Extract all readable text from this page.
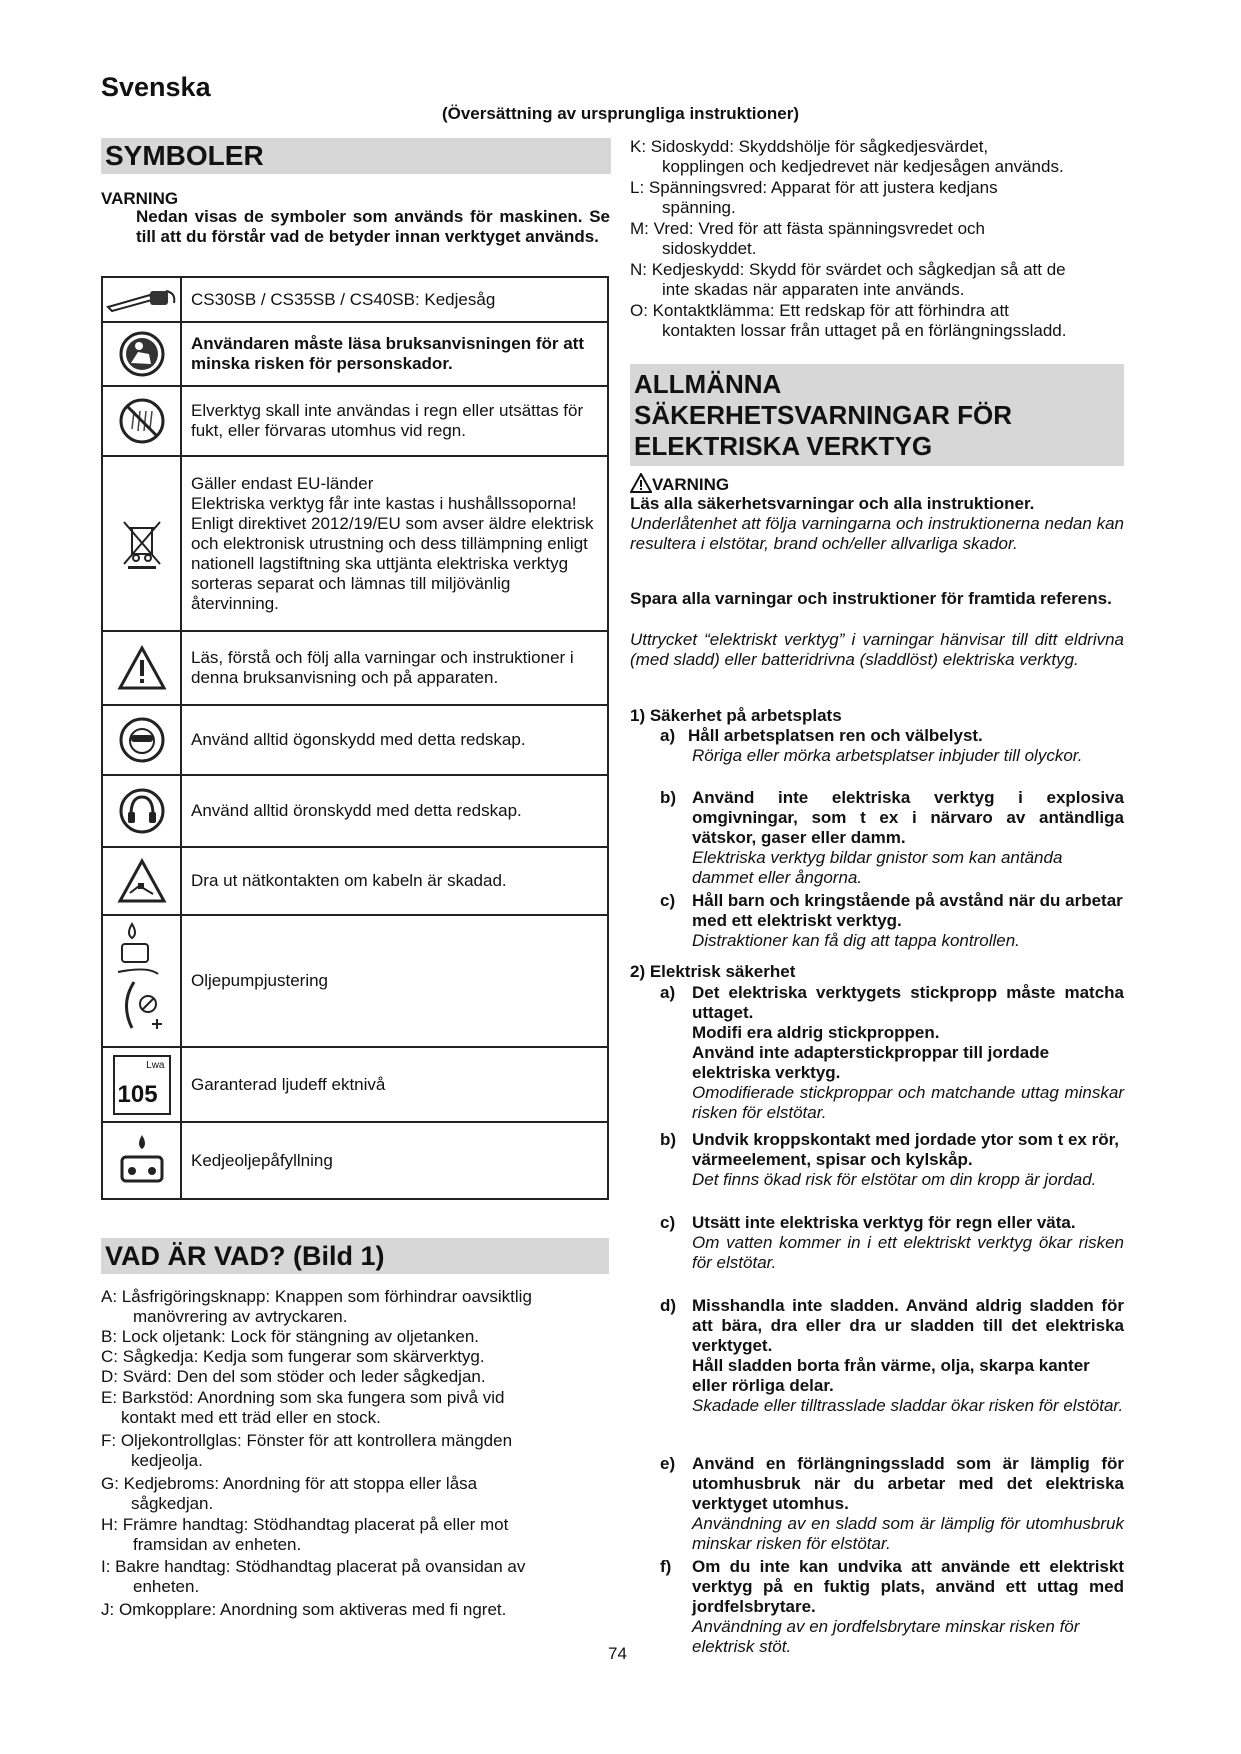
Svenska
(Översättning av ursprungliga instruktioner)
SYMBOLER
VARNING
Nedan visas de symboler som används för maskinen. Se till att du förstår vad de betyder innan verktyget används.
CS30SB / CS35SB / CS40SB: Kedjesåg
Användaren måste läsa bruksanvisningen för att minska risken för personskador.
Elverktyg skall inte användas i regn eller utsättas för fukt, eller förvaras utomhus vid regn.
Gäller endast EU-länder
Elektriska verktyg får inte kastas i hushållssoporna!
Enligt direktivet 2012/19/EU som avser äldre elektrisk och elektronisk utrustning och dess tillämpning enligt nationell lagstiftning ska uttjänta elektriska verktyg sorteras separat och lämnas till miljövänlig återvinning.
Läs, förstå och följ alla varningar och instruktioner i denna bruksanvisning och på apparaten.
Använd alltid ögonskydd med detta redskap.
Använd alltid öronskydd med detta redskap.
Dra ut nätkontakten om kabeln är skadad.
Oljepumpjustering
Lwa
105 Garanterad ljudeff ektnivå
Kedjeoljepåfyllning
VAD ÄR VAD? (Bild 1)
A: Låsfrigöringsknapp: Knappen som förhindrar oavsiktlig
manövrering av avtryckaren.
B: Lock oljetank: Lock för stängning av oljetanken.
C: Sågkedja: Kedja som fungerar som skärverktyg.
D: Svärd: Den del som stöder och leder sågkedjan.
E: Barkstöd: Anordning som ska fungera som pivå vid
kontakt med ett träd eller en stock.
F: Oljekontrollglas: Fönster för att kontrollera mängden
kedjeolja.
G: Kedjebroms: Anordning för att stoppa eller låsa
sågkedjan.
H: Främre handtag: Stödhandtag placerat på eller mot
framsidan av enheten.
I: Bakre handtag: Stödhandtag placerat på ovansidan av
enheten.
J: Omkopplare: Anordning som aktiveras med fi ngret.
K: Sidoskydd: Skyddshölje för sågkedjesvärdet,
kopplingen och kedjedrevet när kedjesågen används.
L: Spänningsvred: Apparat för att justera kedjans
spänning.
M: Vred: Vred för att fästa spänningsvredet och
sidoskyddet.
N: Kedjeskydd: Skydd för svärdet och sågkedjan så att de
inte skadas när apparaten inte används.
O: Kontaktklämma: Ett redskap för att förhindra att
kontakten lossar från uttaget på en förlängningssladd.
ALLMÄNNA
SÄKERHETSVARNINGAR FÖR
ELEKTRISKA VERKTYG
VARNING
Läs alla säkerhetsvarningar och alla instruktioner.
Underlåtenhet att följa varningarna och instruktionerna nedan kan resultera i elstötar, brand och/eller allvarliga skador.
Spara alla varningar och instruktioner för framtida referens.
Uttrycket “elektriskt verktyg” i varningar hänvisar till ditt eldrivna (med sladd) eller batteridrivna (sladdlöst) elektriska verktyg.
1) Säkerhet på arbetsplats
a) Håll arbetsplatsen ren och välbelyst.
Röriga eller mörka arbetsplatser inbjuder till olyckor.
b) Använd inte elektriska verktyg i explosiva omgivningar, som t ex i närvaro av antändliga vätskor, gaser eller damm.
Elektriska verktyg bildar gnistor som kan antända dammet eller ångorna.
c) Håll barn och kringstående på avstånd när du arbetar med ett elektriskt verktyg.
Distraktioner kan få dig att tappa kontrollen.
2) Elektrisk säkerhet
a) Det elektriska verktygets stickpropp måste matcha uttaget.
Modifi era aldrig stickproppen.
Använd inte adapterstickproppar till jordade elektriska verktyg.
Omodifierade stickproppar och matchande uttag minskar risken för elstötar.
b) Undvik kroppskontakt med jordade ytor som t ex rör, värmeelement, spisar och kylskåp.
Det finns ökad risk för elstötar om din kropp är jordad.
c) Utsätt inte elektriska verktyg för regn eller väta.
Om vatten kommer in i ett elektriskt verktyg ökar risken för elstötar.
d) Misshandla inte sladden. Använd aldrig sladden för att bära, dra eller dra ur sladden till det elektriska verktyget.
Håll sladden borta från värme, olja, skarpa kanter eller rörliga delar.
Skadade eller tilltrasslade sladdar ökar risken för elstötar.
e) Använd en förlängningssladd som är lämplig för utomhusbruk när du arbetar med det elektriska verktyget utomhus.
Användning av en sladd som är lämplig för utomhusbruk minskar risken för elstötar.
f) Om du inte kan undvika att använde ett elektriskt verktyg på en fuktig plats, använd ett uttag med jordfelsbrytare.
Användning av en jordfelsbrytare minskar risken för elektrisk stöt.
74
